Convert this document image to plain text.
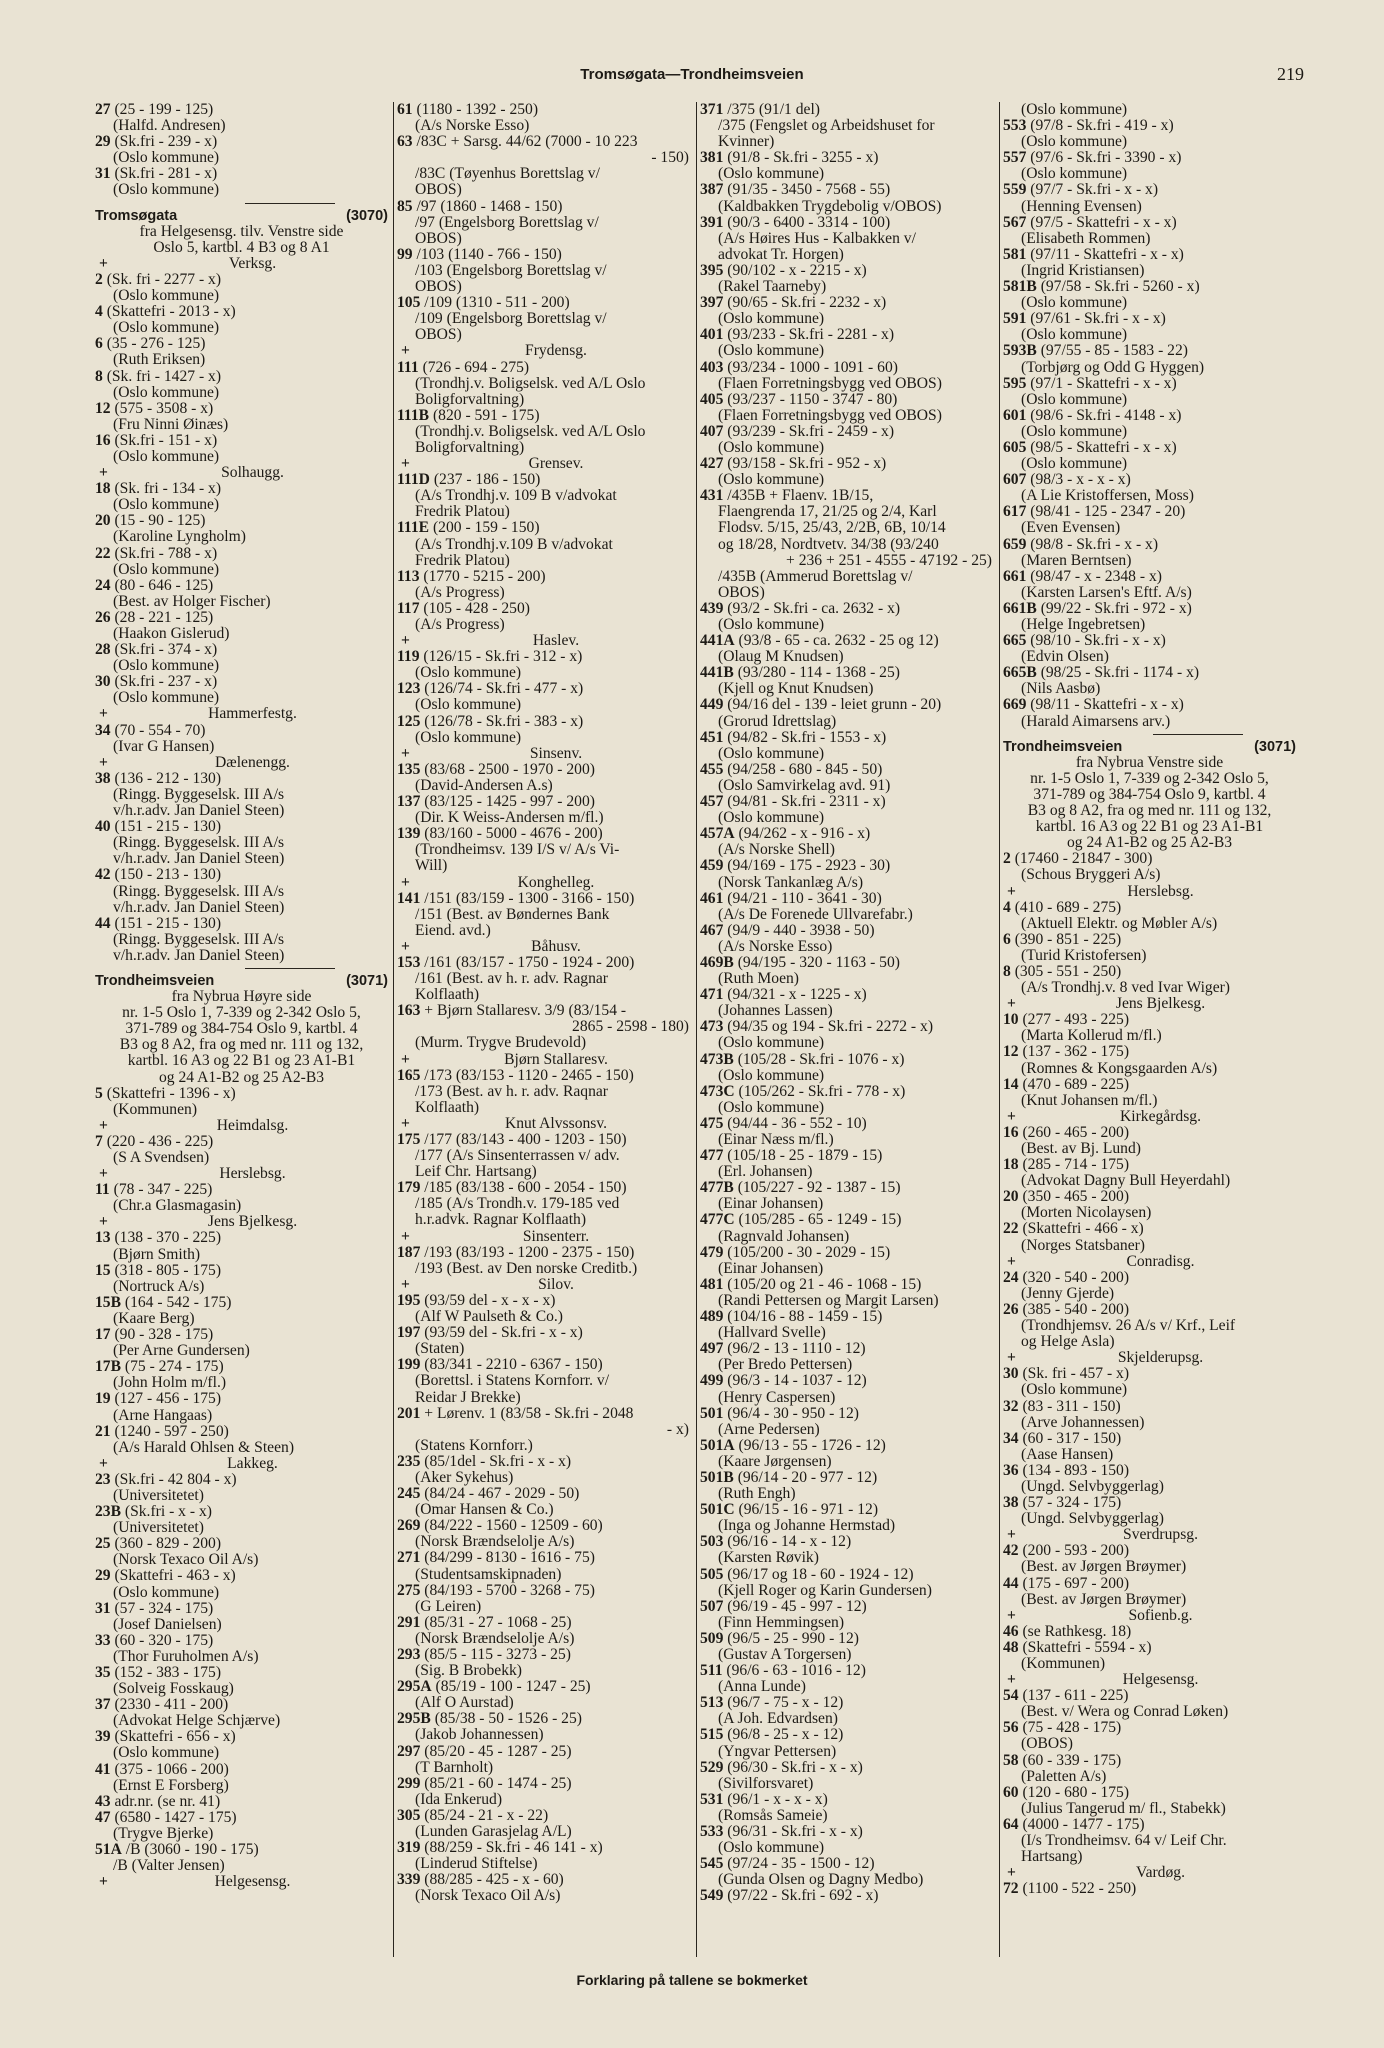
Tromsøgata—Trondheimsveien	219
27 (25 - 199 - 125)
(Halfd. Andresen)
29 (Sk.fri - 239 - x)
(Oslo kommune)
31 (Sk.fri - 281 - x)
(Oslo kommune)
Tromsøgata	(3070)
fra Helgesensg. tilv. Venstre side
Oslo 5, kartbl. 4 B3 og 8 A1
+	Verksg.
2 (Sk. fri - 2277 - x)
(Oslo kommune)
4 (Skattefri - 2013 - x)
(Oslo kommune)
6 (35 - 276 - 125)
(Ruth Eriksen)
8 (Sk. fri - 1427 - x)
(Oslo kommune)
12 (575 - 3508 - x)
(Fru Ninni Øinæs)
16 (Sk.fri - 151 - x)
(Oslo kommune)
+	Solhaugg.
18 (Sk. fri - 134 - x)
(Oslo kommune)
20 (15 - 90 - 125)
(Karoline Lyngholm)
22 (Sk.fri - 788 - x)
(Oslo kommune)
24 (80 - 646 - 125)
(Best. av Holger Fischer)
26 (28 - 221 - 125)
(Haakon Gislerud)
28 (Sk.fri - 374 - x)
(Oslo kommune)
30 (Sk.fri - 237 - x)
(Oslo kommune)
+	Hammerfestg.
34 (70 - 554 - 70)
(Ivar G Hansen)
+	Dælenengg.
38 (136 - 212 - 130)
(Ringg. Byggeselsk. III A/s
v/h.r.adv. Jan Daniel Steen)
40 (151 - 215 - 130)
(Ringg. Byggeselsk. III A/s
v/h.r.adv. Jan Daniel Steen)
42 (150 - 213 - 130)
(Ringg. Byggeselsk. III A/s
v/h.r.adv. Jan Daniel Steen)
44 (151 - 215 - 130)
(Ringg. Byggeselsk. III A/s
v/h.r.adv. Jan Daniel Steen)
Trondheimsveien	(3071)
fra Nybrua Høyre side
nr. 1-5 Oslo 1, 7-339 og 2-342 Oslo 5,
371-789 og 384-754 Oslo 9, kartbl. 4
B3 og 8 A2, fra og med nr. 111 og 132,
kartbl. 16 A3 og 22 B1 og 23 A1-B1
og 24 A1-B2 og 25 A2-B3
5 (Skattefri - 1396 - x)
(Kommunen)
+	Heimdalsg.
7 (220 - 436 - 225)
(S A Svendsen)
+	Herslebsg.
11 (78 - 347 - 225)
(Chr.a Glasmagasin)
+	Jens Bjelkesg.
13 (138 - 370 - 225)
(Bjørn Smith)
15 (318 - 805 - 175)
(Nortruck A/s)
15B (164 - 542 - 175)
(Kaare Berg)
17 (90 - 328 - 175)
(Per Arne Gundersen)
17B (75 - 274 - 175)
(John Holm m/fl.)
19 (127 - 456 - 175)
(Arne Hangaas)
21 (1240 - 597 - 250)
(A/s Harald Ohlsen & Steen)
+	Lakkeg.
23 (Sk.fri - 42 804 - x)
(Universitetet)
23B (Sk.fri - x - x)
(Universitetet)
25 (360 - 829 - 200)
(Norsk Texaco Oil A/s)
29 (Skattefri - 463 - x)
(Oslo kommune)
31 (57 - 324 - 175)
(Josef Danielsen)
33 (60 - 320 - 175)
(Thor Furuholmen A/s)
35 (152 - 383 - 175)
(Solveig Fosskaug)
37 (2330 - 411 - 200)
(Advokat Helge Schjærve)
39 (Skattefri - 656 - x)
(Oslo kommune)
41 (375 - 1066 - 200)
(Ernst E Forsberg)
43 adr.nr. (se nr. 41)
47 (6580 - 1427 - 175)
(Trygve Bjerke)
51A /B (3060 - 190 - 175)
/B (Valter Jensen)
+	Helgesensg.
61 (1180 - 1392 - 250)
(A/s Norske Esso)
63 /83C + Sarsg. 44/62 (7000 - 10 223
- 150)
/83C (Tøyenhus Borettslag v/
OBOS)
85 /97 (1860 - 1468 - 150)
/97 (Engelsborg Borettslag v/
OBOS)
99 /103 (1140 - 766 - 150)
/103 (Engelsborg Borettslag v/
OBOS)
105 /109 (1310 - 511 - 200)
/109 (Engelsborg Borettslag v/
OBOS)
+	Frydensg.
111 (726 - 694 - 275)
(Trondhj.v. Boligselsk. ved A/L Oslo
Boligforvaltning)
111B (820 - 591 - 175)
(Trondhj.v. Boligselsk. ved A/L Oslo
Boligforvaltning)
+	Grensev.
111D (237 - 186 - 150)
(A/s Trondhj.v. 109 B v/advokat
Fredrik Platou)
111E (200 - 159 - 150)
(A/s Trondhj.v.109 B v/advokat
Fredrik Platou)
113 (1770 - 5215 - 200)
(A/s Progress)
117 (105 - 428 - 250)
(A/s Progress)
+	Haslev.
119 (126/15 - Sk.fri - 312 - x)
(Oslo kommune)
123 (126/74 - Sk.fri - 477 - x)
(Oslo kommune)
125 (126/78 - Sk.fri - 383 - x)
(Oslo kommune)
+	Sinsenv.
135 (83/68 - 2500 - 1970 - 200)
(David-Andersen A.s)
137 (83/125 - 1425 - 997 - 200)
(Dir. K Weiss-Andersen m/fl.)
139 (83/160 - 5000 - 4676 - 200)
(Trondheimsv. 139 I/S v/ A/s Vi-
Will)
+	Konghelleg.
141 /151 (83/159 - 1300 - 3166 - 150)
/151 (Best. av Bøndernes Bank
Eiend. avd.)
+	Båhusv.
153 /161 (83/157 - 1750 - 1924 - 200)
/161 (Best. av h. r. adv. Ragnar
Kolflaath)
163 + Bjørn Stallaresv. 3/9 (83/154 -
2865 - 2598 - 180)
(Murm. Trygve Brudevold)
+	Bjørn Stallaresv.
165 /173 (83/153 - 1120 - 2465 - 150)
/173 (Best. av h. r. adv. Raqnar
Kolflaath)
+	Knut Alvssonsv.
175 /177 (83/143 - 400 - 1203 - 150)
/177 (A/s Sinsenterrassen v/ adv.
Leif Chr. Hartsang)
179 /185 (83/138 - 600 - 2054 - 150)
/185 (A/s Trondh.v. 179-185 ved
h.r.advk. Ragnar Kolflaath)
+	Sinsenterr.
187 /193 (83/193 - 1200 - 2375 - 150)
/193 (Best. av Den norske Creditb.)
+	Silov.
195 (93/59 del - x - x - x)
(Alf W Paulseth & Co.)
197 (93/59 del - Sk.fri - x - x)
(Staten)
199 (83/341 - 2210 - 6367 - 150)
(Borettsl. i Statens Kornforr. v/
Reidar J Brekke)
201 + Lørenv. 1 (83/58 - Sk.fri - 2048
- x)
(Statens Kornforr.)
235 (85/1del - Sk.fri - x - x)
(Aker Sykehus)
245 (84/24 - 467 - 2029 - 50)
(Omar Hansen & Co.)
269 (84/222 - 1560 - 12509 - 60)
(Norsk Brændselolje A/s)
271 (84/299 - 8130 - 1616 - 75)
(Studentsamskipnaden)
275 (84/193 - 5700 - 3268 - 75)
(G Leiren)
291 (85/31 - 27 - 1068 - 25)
(Norsk Brændselolje A/s)
293 (85/5 - 115 - 3273 - 25)
(Sig. B Brobekk)
295A (85/19 - 100 - 1247 - 25)
(Alf O Aurstad)
295B (85/38 - 50 - 1526 - 25)
(Jakob Johannessen)
297 (85/20 - 45 - 1287 - 25)
(T Barnholt)
299 (85/21 - 60 - 1474 - 25)
(Ida Enkerud)
305 (85/24 - 21 - x - 22)
(Lunden Garasjelag A/L)
319 (88/259 - Sk.fri - 46 141 - x)
(Linderud Stiftelse)
339 (88/285 - 425 - x - 60)
(Norsk Texaco Oil A/s)
371 /375 (91/1 del)
/375 (Fengslet og Arbeidshuset for
Kvinner)
381 (91/8 - Sk.fri - 3255 - x)
(Oslo kommune)
387 (91/35 - 3450 - 7568 - 55)
(Kaldbakken Trygdebolig v/OBOS)
391 (90/3 - 6400 - 3314 - 100)
(A/s Høires Hus - Kalbakken v/
advokat Tr. Horgen)
395 (90/102 - x - 2215 - x)
(Rakel Taarneby)
397 (90/65 - Sk.fri - 2232 - x)
(Oslo kommune)
401 (93/233 - Sk.fri - 2281 - x)
(Oslo kommune)
403 (93/234 - 1000 - 1091 - 60)
(Flaen Forretningsbygg ved OBOS)
405 (93/237 - 1150 - 3747 - 80)
(Flaen Forretningsbygg ved OBOS)
407 (93/239 - Sk.fri - 2459 - x)
(Oslo kommune)
427 (93/158 - Sk.fri - 952 - x)
(Oslo kommune)
431 /435B + Flaenv. 1B/15,
Flaengrenda 17, 21/25 og 2/4, Karl
Flodsv. 5/15, 25/43, 2/2B, 6B, 10/14
og 18/28, Nordtvetv. 34/38 (93/240
+ 236 + 251 - 4555 - 47192 - 25)
/435B (Ammerud Borettslag v/
OBOS)
439 (93/2 - Sk.fri - ca. 2632 - x)
(Oslo kommune)
441A (93/8 - 65 - ca. 2632 - 25 og 12)
(Olaug M Knudsen)
441B (93/280 - 114 - 1368 - 25)
(Kjell og Knut Knudsen)
449 (94/16 del - 139 - leiet grunn - 20)
(Grorud Idrettslag)
451 (94/82 - Sk.fri - 1553 - x)
(Oslo kommune)
455 (94/258 - 680 - 845 - 50)
(Oslo Samvirkelag avd. 91)
457 (94/81 - Sk.fri - 2311 - x)
(Oslo kommune)
457A (94/262 - x - 916 - x)
(A/s Norske Shell)
459 (94/169 - 175 - 2923 - 30)
(Norsk Tankanlæg A/s)
461 (94/21 - 110 - 3641 - 30)
(A/s De Forenede Ullvarefabr.)
467 (94/9 - 440 - 3938 - 50)
(A/s Norske Esso)
469B (94/195 - 320 - 1163 - 50)
(Ruth Moen)
471 (94/321 - x - 1225 - x)
(Johannes Lassen)
473 (94/35 og 194 - Sk.fri - 2272 - x)
(Oslo kommune)
473B (105/28 - Sk.fri - 1076 - x)
(Oslo kommune)
473C (105/262 - Sk.fri - 778 - x)
(Oslo kommune)
475 (94/44 - 36 - 552 - 10)
(Einar Næss m/fl.)
477 (105/18 - 25 - 1879 - 15)
(Erl. Johansen)
477B (105/227 - 92 - 1387 - 15)
(Einar Johansen)
477C (105/285 - 65 - 1249 - 15)
(Ragnvald Johansen)
479 (105/200 - 30 - 2029 - 15)
(Einar Johansen)
481 (105/20 og 21 - 46 - 1068 - 15)
(Randi Pettersen og Margit Larsen)
489 (104/16 - 88 - 1459 - 15)
(Hallvard Svelle)
497 (96/2 - 13 - 1110 - 12)
(Per Bredo Pettersen)
499 (96/3 - 14 - 1037 - 12)
(Henry Caspersen)
501 (96/4 - 30 - 950 - 12)
(Arne Pedersen)
501A (96/13 - 55 - 1726 - 12)
(Kaare Jørgensen)
501B (96/14 - 20 - 977 - 12)
(Ruth Engh)
501C (96/15 - 16 - 971 - 12)
(Inga og Johanne Hermstad)
503 (96/16 - 14 - x - 12)
(Karsten Røvik)
505 (96/17 og 18 - 60 - 1924 - 12)
(Kjell Roger og Karin Gundersen)
507 (96/19 - 45 - 997 - 12)
(Finn Hemmingsen)
509 (96/5 - 25 - 990 - 12)
(Gustav A Torgersen)
511 (96/6 - 63 - 1016 - 12)
(Anna Lunde)
513 (96/7 - 75 - x - 12)
(A Joh. Edvardsen)
515 (96/8 - 25 - x - 12)
(Yngvar Pettersen)
529 (96/30 - Sk.fri - x - x)
(Sivilforsvaret)
531 (96/1 - x - x - x)
(Romsås Sameie)
533 (96/31 - Sk.fri - x - x)
(Oslo kommune)
545 (97/24 - 35 - 1500 - 12)
(Gunda Olsen og Dagny Medbo)
549 (97/22 - Sk.fri - 692 - x)
(Oslo kommune)
553 (97/8 - Sk.fri - 419 - x)
(Oslo kommune)
557 (97/6 - Sk.fri - 3390 - x)
(Oslo kommune)
559 (97/7 - Sk.fri - x - x)
(Henning Evensen)
567 (97/5 - Skattefri - x - x)
(Elisabeth Rommen)
581 (97/11 - Skattefri - x - x)
(Ingrid Kristiansen)
581B (97/58 - Sk.fri - 5260 - x)
(Oslo kommune)
591 (97/61 - Sk.fri - x - x)
(Oslo kommune)
593B (97/55 - 85 - 1583 - 22)
(Torbjørg og Odd G Hyggen)
595 (97/1 - Skattefri - x - x)
(Oslo kommune)
601 (98/6 - Sk.fri - 4148 - x)
(Oslo kommune)
605 (98/5 - Skattefri - x - x)
(Oslo kommune)
607 (98/3 - x - x - x)
(A Lie Kristoffersen, Moss)
617 (98/41 - 125 - 2347 - 20)
(Even Evensen)
659 (98/8 - Sk.fri - x - x)
(Maren Berntsen)
661 (98/47 - x - 2348 - x)
(Karsten Larsen's Eftf. A/s)
661B (99/22 - Sk.fri - 972 - x)
(Helge Ingebretsen)
665 (98/10 - Sk.fri - x - x)
(Edvin Olsen)
665B (98/25 - Sk.fri - 1174 - x)
(Nils Aasbø)
669 (98/11 - Skattefri - x - x)
(Harald Aimarsens arv.)
Trondheimsveien	(3071)
fra Nybrua Venstre side
nr. 1-5 Oslo 1, 7-339 og 2-342 Oslo 5,
371-789 og 384-754 Oslo 9, kartbl. 4
B3 og 8 A2, fra og med nr. 111 og 132,
kartbl. 16 A3 og 22 B1 og 23 A1-B1
og 24 A1-B2 og 25 A2-B3
2 (17460 - 21847 - 300)
(Schous Bryggeri A/s)
+	Herslebsg.
4 (410 - 689 - 275)
(Aktuell Elektr. og Møbler A/s)
6 (390 - 851 - 225)
(Turid Kristofersen)
8 (305 - 551 - 250)
(A/s Trondhj.v. 8 ved Ivar Wiger)
+	Jens Bjelkesg.
10 (277 - 493 - 225)
(Marta Kollerud m/fl.)
12 (137 - 362 - 175)
(Romnes & Kongsgaarden A/s)
14 (470 - 689 - 225)
(Knut Johansen m/fl.)
+	Kirkegårdsg.
16 (260 - 465 - 200)
(Best. av Bj. Lund)
18 (285 - 714 - 175)
(Advokat Dagny Bull Heyerdahl)
20 (350 - 465 - 200)
(Morten Nicolaysen)
22 (Skattefri - 466 - x)
(Norges Statsbaner)
+	Conradisg.
24 (320 - 540 - 200)
(Jenny Gjerde)
26 (385 - 540 - 200)
(Trondhjemsv. 26 A/s v/ Krf., Leif
og Helge Asla)
+	Skjelderupsg.
30 (Sk. fri - 457 - x)
(Oslo kommune)
32 (83 - 311 - 150)
(Arve Johannessen)
34 (60 - 317 - 150)
(Aase Hansen)
36 (134 - 893 - 150)
(Ungd. Selvbyggerlag)
38 (57 - 324 - 175)
(Ungd. Selvbyggerlag)
+	Sverdrupsg.
42 (200 - 593 - 200)
(Best. av Jørgen Brøymer)
44 (175 - 697 - 200)
(Best. av Jørgen Brøymer)
+	Sofienb.g.
46 (se Rathkesg. 18)
48 (Skattefri - 5594 - x)
(Kommunen)
+	Helgesensg.
54 (137 - 611 - 225)
(Best. v/ Wera og Conrad Løken)
56 (75 - 428 - 175)
(OBOS)
58 (60 - 339 - 175)
(Paletten A/s)
60 (120 - 680 - 175)
(Julius Tangerud m/ fl., Stabekk)
64 (4000 - 1477 - 175)
(I/s Trondheimsv. 64 v/ Leif Chr.
Hartsang)
+	Vardøg.
72 (1100 - 522 - 250)
Forklaring på tallene se bokmerket
